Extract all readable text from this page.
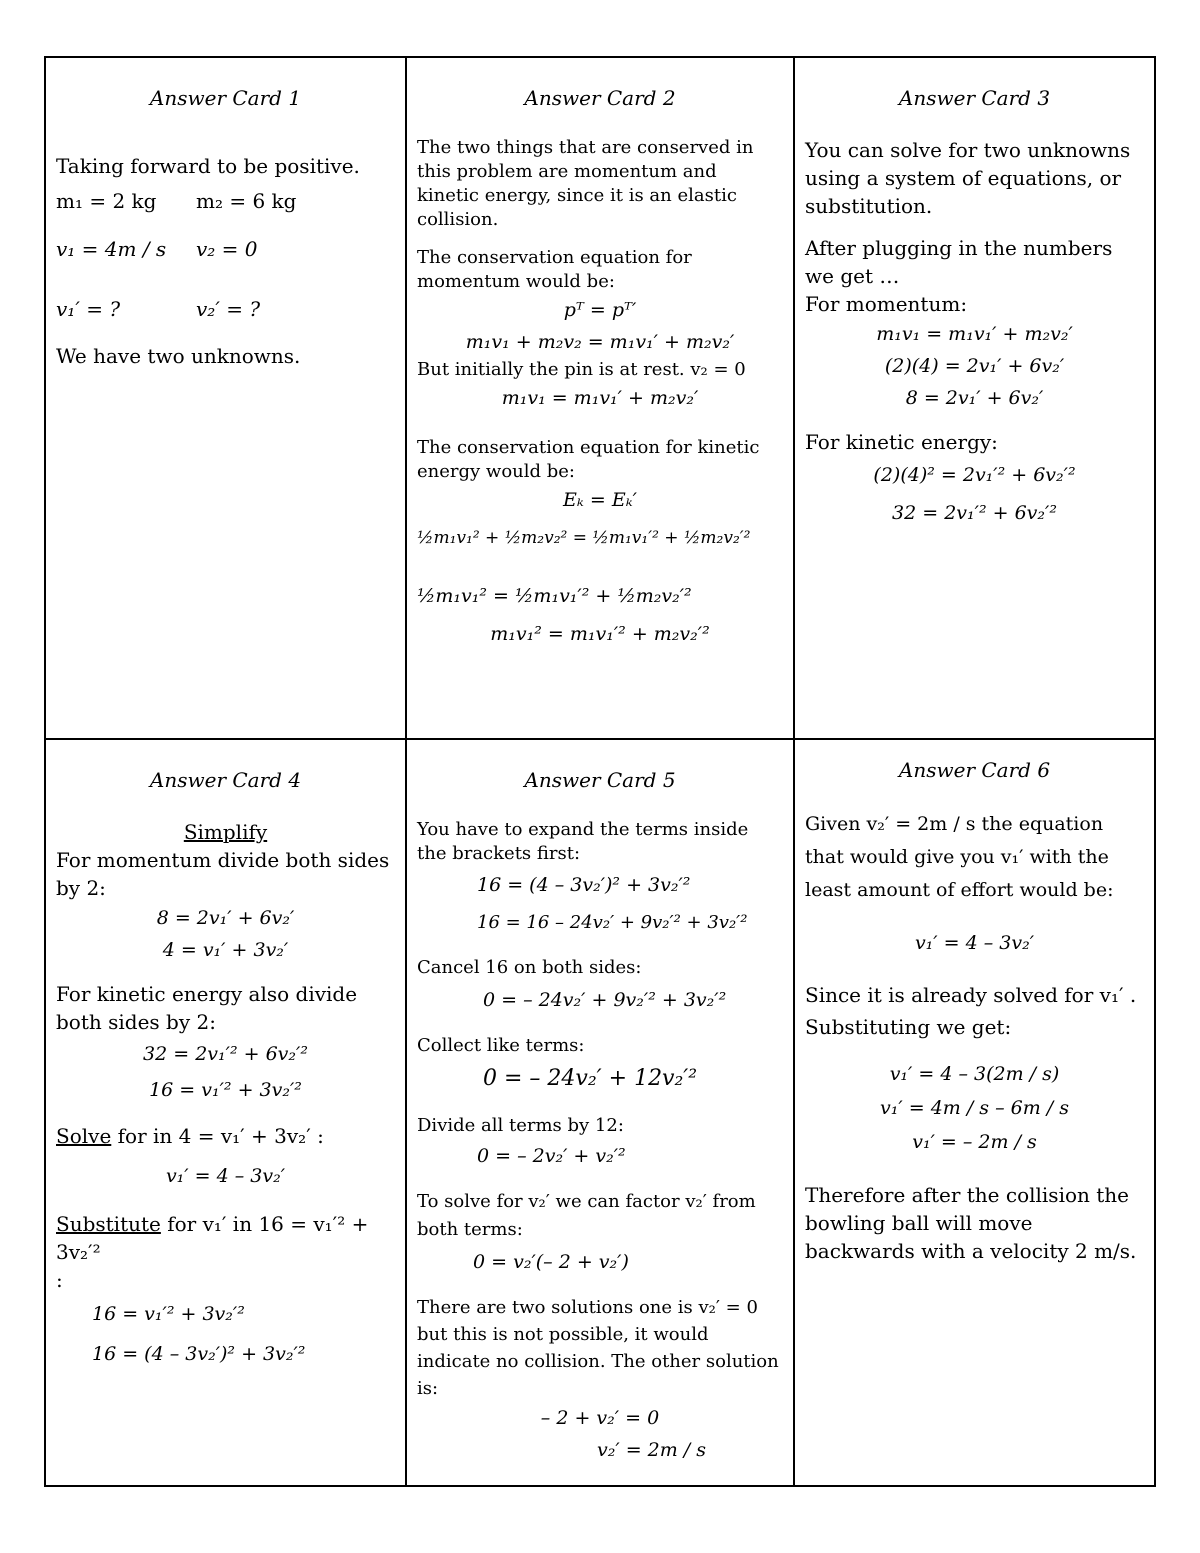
Answer Card 1

Taking forward to be positive.

m₁ = 2 kg	m₂ = 6 kg
v₁ = 4m / s	v₂ = 0
v₁′ = ?	v₂′ = ?

We have two unknowns.

Answer Card 2

The two things that are conserved in this problem are momentum and kinetic energy, since it is an elastic collision.

The conservation equation for momentum would be:

pᵀ = pᵀ′

m₁v₁ + m₂v₂ = m₁v₁′ + m₂v₂′

But initially the pin is at rest. v₂ = 0

m₁v₁ = m₁v₁′ + m₂v₂′

The conservation equation for kinetic energy would be:

Eₖ = Eₖ′

½m₁v₁² + ½m₂v₂² = ½m₁v₁′² + ½m₂v₂′²

½m₁v₁² = ½m₁v₁′² + ½m₂v₂′²

m₁v₁² = m₁v₁′² + m₂v₂′²

Answer Card 3

You can solve for two unknowns using a system of equations, or substitution.

After plugging in the numbers we get …

For momentum:

m₁v₁ = m₁v₁′ + m₂v₂′

(2)(4) = 2v₁′ + 6v₂′

8 = 2v₁′ + 6v₂′

For kinetic energy:

(2)(4)² = 2v₁′² + 6v₂′²

32 = 2v₁′² + 6v₂′²

Answer Card 4

Simplify

For momentum divide both sides by 2:

8 = 2v₁′ + 6v₂′

4 = v₁′ + 3v₂′

For kinetic energy also divide both sides by 2:

32 = 2v₁′² + 6v₂′²

16 = v₁′² + 3v₂′²

Solve for in 4 = v₁′ + 3v₂′ :

v₁′ = 4 – 3v₂′

Substitute for v₁′ in 16 = v₁′² + 3v₂′²

:

16 = v₁′² + 3v₂′²

16 = (4 – 3v₂′)² + 3v₂′²

Answer Card 5

You have to expand the terms inside the brackets first:

16 = (4 – 3v₂′)² + 3v₂′²

16 = 16 – 24v₂′ + 9v₂′² + 3v₂′²

Cancel 16 on both sides:

0 = – 24v₂′ + 9v₂′² + 3v₂′²

Collect like terms:

0 = – 24v₂′ + 12v₂′²

Divide all terms by 12:

0 = – 2v₂′ + v₂′²

To solve for v₂′ we can factor v₂′ from both terms:

0 = v₂′(– 2 + v₂′)

There are two solutions one is v₂′ = 0 but this is not possible, it would indicate no collision. The other solution is:

– 2 + v₂′ = 0

v₂′ = 2m / s

Answer Card 6

Given v₂′ = 2m / s the equation that would give you v₁′ with the least amount of effort would be:

v₁′ = 4 – 3v₂′

Since it is already solved for v₁′ . Substituting we get:

v₁′ = 4 – 3(2m / s)

v₁′ = 4m / s – 6m / s

v₁′ = – 2m / s

Therefore after the collision the bowling ball will move backwards with a velocity 2 m/s.
